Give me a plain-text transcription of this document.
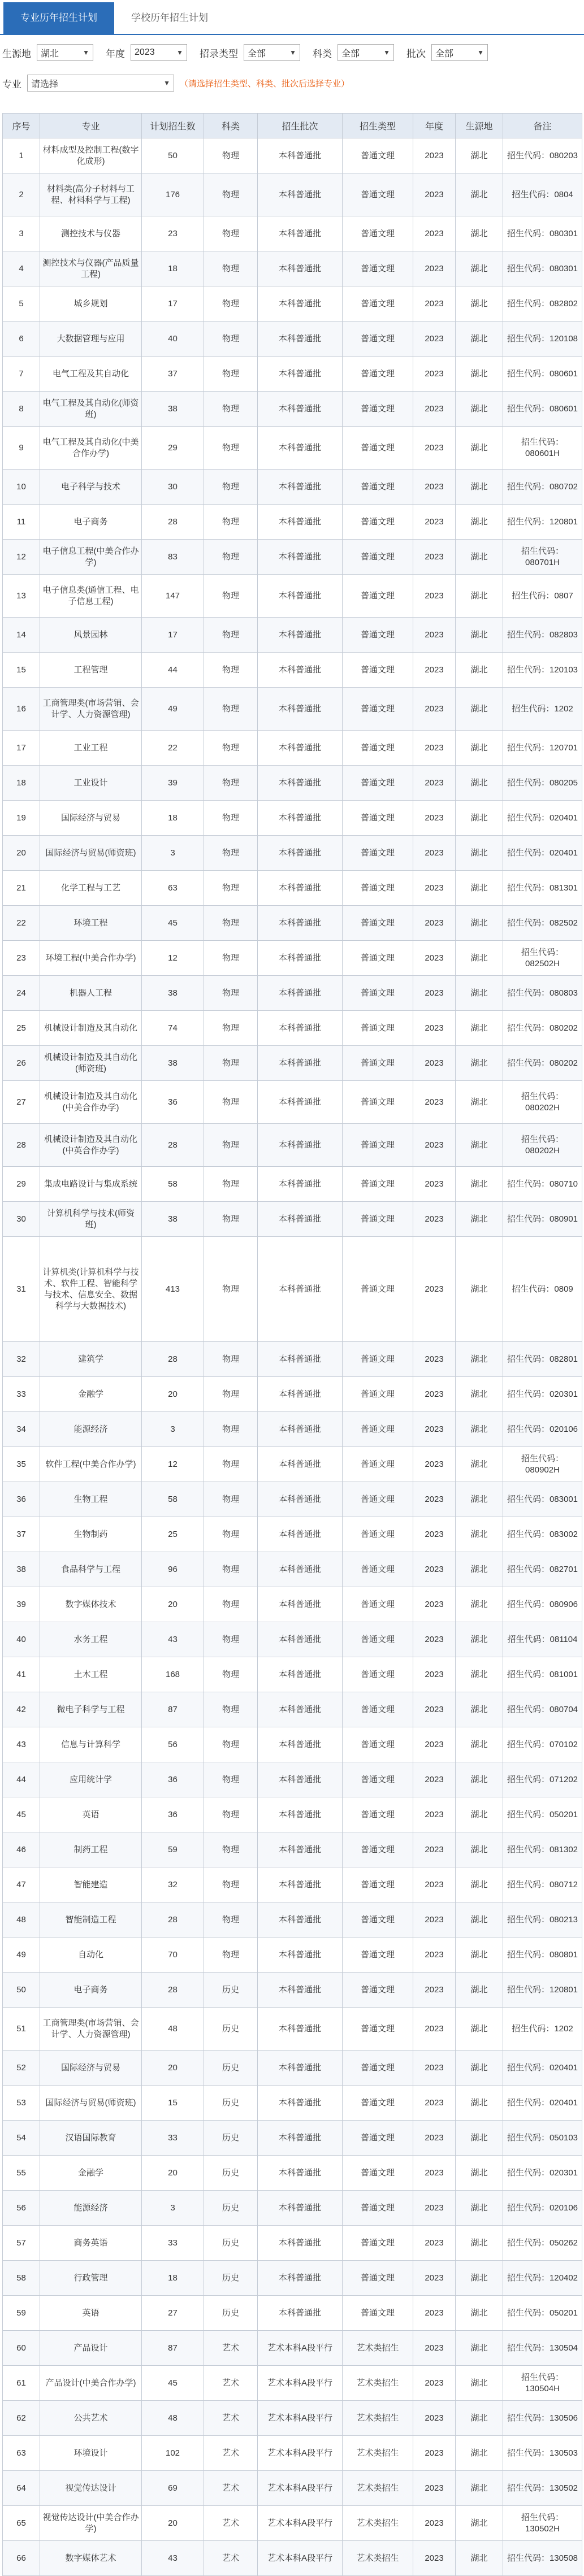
专业历年招生计划	学校历年招生计划
生源地 湖北	▼ 年度 2023	▼ 招录类型 全部	▼ 科类 全部	▼ 批次 全部	▼
专业 请选择	▼ （请选择招生类型、科类、批次后选择专业）
序号	专业	计划招生数	科类	招生批次	招生类型	年度	生源地	备注
1	材料成型及控制工程(数字化成形)	50	物理	本科普通批	普通文理	2023	湖北	招生代码：080203
2	材料类(高分子材料与工程、材料科学与工程)	176	物理	本科普通批	普通文理	2023	湖北	招生代码：0804
3	测控技术与仪器	23	物理	本科普通批	普通文理	2023	湖北	招生代码：080301
4	测控技术与仪器(产品质量工程)	18	物理	本科普通批	普通文理	2023	湖北	招生代码：080301
5	城乡规划	17	物理	本科普通批	普通文理	2023	湖北	招生代码：082802
6	大数据管理与应用	40	物理	本科普通批	普通文理	2023	湖北	招生代码：120108
7	电气工程及其自动化	37	物理	本科普通批	普通文理	2023	湖北	招生代码：080601
8	电气工程及其自动化(师资班)	38	物理	本科普通批	普通文理	2023	湖北	招生代码：080601
9	电气工程及其自动化(中美合作办学)	29	物理	本科普通批	普通文理	2023	湖北	招生代码：080601H
10	电子科学与技术	30	物理	本科普通批	普通文理	2023	湖北	招生代码：080702
11	电子商务	28	物理	本科普通批	普通文理	2023	湖北	招生代码：120801
12	电子信息工程(中美合作办学)	83	物理	本科普通批	普通文理	2023	湖北	招生代码：080701H
13	电子信息类(通信工程、电子信息工程)	147	物理	本科普通批	普通文理	2023	湖北	招生代码：0807
14	风景园林	17	物理	本科普通批	普通文理	2023	湖北	招生代码：082803
15	工程管理	44	物理	本科普通批	普通文理	2023	湖北	招生代码：120103
16	工商管理类(市场营销、会计学、人力资源管理)	49	物理	本科普通批	普通文理	2023	湖北	招生代码：1202
17	工业工程	22	物理	本科普通批	普通文理	2023	湖北	招生代码：120701
18	工业设计	39	物理	本科普通批	普通文理	2023	湖北	招生代码：080205
19	国际经济与贸易	18	物理	本科普通批	普通文理	2023	湖北	招生代码：020401
20	国际经济与贸易(师资班)	3	物理	本科普通批	普通文理	2023	湖北	招生代码：020401
21	化学工程与工艺	63	物理	本科普通批	普通文理	2023	湖北	招生代码：081301
22	环境工程	45	物理	本科普通批	普通文理	2023	湖北	招生代码：082502
23	环境工程(中美合作办学)	12	物理	本科普通批	普通文理	2023	湖北	招生代码：082502H
24	机器人工程	38	物理	本科普通批	普通文理	2023	湖北	招生代码：080803
25	机械设计制造及其自动化	74	物理	本科普通批	普通文理	2023	湖北	招生代码：080202
26	机械设计制造及其自动化(师资班)	38	物理	本科普通批	普通文理	2023	湖北	招生代码：080202
27	机械设计制造及其自动化(中美合作办学)	36	物理	本科普通批	普通文理	2023	湖北	招生代码：080202H
28	机械设计制造及其自动化(中英合作办学)	28	物理	本科普通批	普通文理	2023	湖北	招生代码：080202H
29	集成电路设计与集成系统	58	物理	本科普通批	普通文理	2023	湖北	招生代码：080710
30	计算机科学与技术(师资班)	38	物理	本科普通批	普通文理	2023	湖北	招生代码：080901
31	计算机类(计算机科学与技术、软件工程、智能科学与技术、信息安全、数据科学与大数据技术)	413	物理	本科普通批	普通文理	2023	湖北	招生代码：0809
32	建筑学	28	物理	本科普通批	普通文理	2023	湖北	招生代码：082801
33	金融学	20	物理	本科普通批	普通文理	2023	湖北	招生代码：020301
34	能源经济	3	物理	本科普通批	普通文理	2023	湖北	招生代码：020106
35	软件工程(中美合作办学)	12	物理	本科普通批	普通文理	2023	湖北	招生代码：080902H
36	生物工程	58	物理	本科普通批	普通文理	2023	湖北	招生代码：083001
37	生物制药	25	物理	本科普通批	普通文理	2023	湖北	招生代码：083002
38	食品科学与工程	96	物理	本科普通批	普通文理	2023	湖北	招生代码：082701
39	数字媒体技术	20	物理	本科普通批	普通文理	2023	湖北	招生代码：080906
40	水务工程	43	物理	本科普通批	普通文理	2023	湖北	招生代码：081104
41	土木工程	168	物理	本科普通批	普通文理	2023	湖北	招生代码：081001
42	微电子科学与工程	87	物理	本科普通批	普通文理	2023	湖北	招生代码：080704
43	信息与计算科学	56	物理	本科普通批	普通文理	2023	湖北	招生代码：070102
44	应用统计学	36	物理	本科普通批	普通文理	2023	湖北	招生代码：071202
45	英语	36	物理	本科普通批	普通文理	2023	湖北	招生代码：050201
46	制药工程	59	物理	本科普通批	普通文理	2023	湖北	招生代码：081302
47	智能建造	32	物理	本科普通批	普通文理	2023	湖北	招生代码：080712
48	智能制造工程	28	物理	本科普通批	普通文理	2023	湖北	招生代码：080213
49	自动化	70	物理	本科普通批	普通文理	2023	湖北	招生代码：080801
50	电子商务	28	历史	本科普通批	普通文理	2023	湖北	招生代码：120801
51	工商管理类(市场营销、会计学、人力资源管理)	48	历史	本科普通批	普通文理	2023	湖北	招生代码：1202
52	国际经济与贸易	20	历史	本科普通批	普通文理	2023	湖北	招生代码：020401
53	国际经济与贸易(师资班)	15	历史	本科普通批	普通文理	2023	湖北	招生代码：020401
54	汉语国际教育	33	历史	本科普通批	普通文理	2023	湖北	招生代码：050103
55	金融学	20	历史	本科普通批	普通文理	2023	湖北	招生代码：020301
56	能源经济	3	历史	本科普通批	普通文理	2023	湖北	招生代码：020106
57	商务英语	33	历史	本科普通批	普通文理	2023	湖北	招生代码：050262
58	行政管理	18	历史	本科普通批	普通文理	2023	湖北	招生代码：120402
59	英语	27	历史	本科普通批	普通文理	2023	湖北	招生代码：050201
60	产品设计	87	艺术	艺术本科A段平行	艺术类招生	2023	湖北	招生代码：130504
61	产品设计(中美合作办学)	45	艺术	艺术本科A段平行	艺术类招生	2023	湖北	招生代码：130504H
62	公共艺术	48	艺术	艺术本科A段平行	艺术类招生	2023	湖北	招生代码：130506
63	环境设计	102	艺术	艺术本科A段平行	艺术类招生	2023	湖北	招生代码：130503
64	视觉传达设计	69	艺术	艺术本科A段平行	艺术类招生	2023	湖北	招生代码：130502
65	视觉传达设计(中美合作办学)	20	艺术	艺术本科A段平行	艺术类招生	2023	湖北	招生代码：130502H
66	数字媒体艺术	43	艺术	艺术本科A段平行	艺术类招生	2023	湖北	招生代码：130508
